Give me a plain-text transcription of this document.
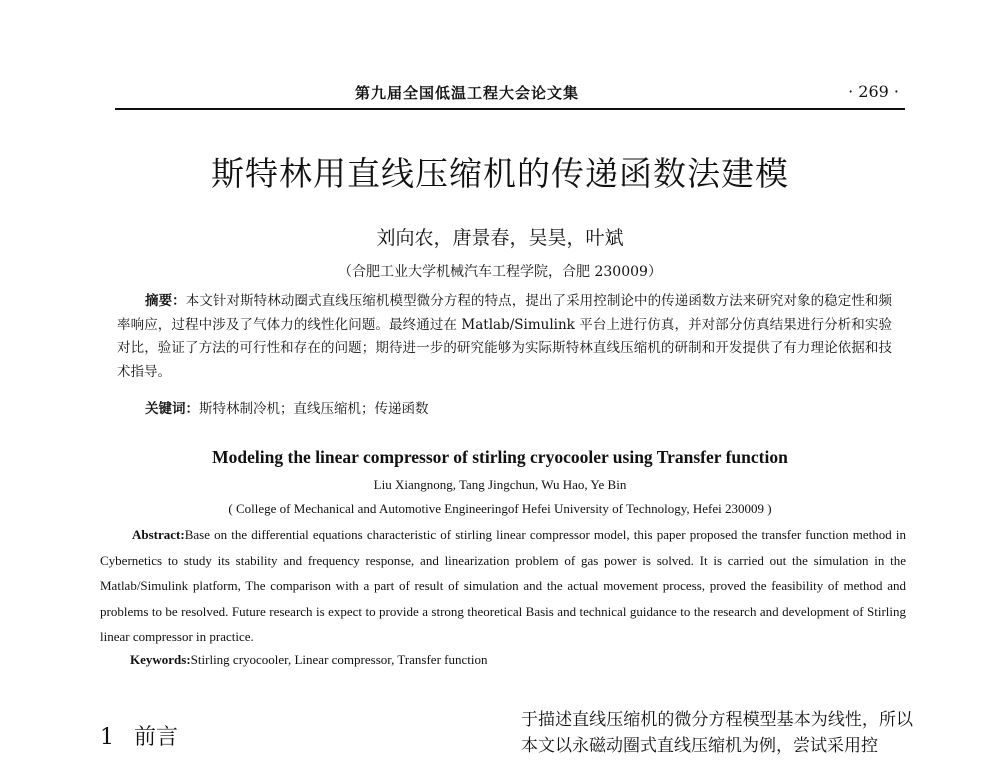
第九届全国低温工程大会论文集	· 269 ·
斯特林用直线压缩机的传递函数法建模
刘向农，唐景春，吴昊，叶斌
（合肥工业大学机械汽车工程学院，合肥 230009）
摘要：本文针对斯特林动圈式直线压缩机模型微分方程的特点，提出了采用控制论中的传递函数方法来研究对象的稳定性和频率响应，过程中涉及了气体力的线性化问题。最终通过在 Matlab/Simulink 平台上进行仿真，并对部分仿真结果进行分析和实验对比，验证了方法的可行性和存在的问题；期待进一步的研究能够为实际斯特林直线压缩机的研制和开发提供了有力理论依据和技术指导。
关键词：斯特林制冷机；直线压缩机；传递函数
Modeling the linear compressor of stirling cryocooler using Transfer function
Liu Xiangnong, Tang Jingchun, Wu Hao, Ye Bin
( College of Mechanical and Automotive Engineeringof Hefei University of Technology, Hefei 230009 )
Abstract:Base on the differential equations characteristic of stirling linear compressor model, this paper proposed the transfer function method in Cybernetics to study its stability and frequency response, and linearization problem of gas power is solved. It is carried out the simulation in the Matlab/Simulink platform, The comparison with a part of result of simulation and the actual movement process, proved the feasibility of method and problems to be resolved. Future research is expect to provide a strong theoretical Basis and technical guidance to the research and development of Stirling linear compressor in practice.
Keywords:Stirling cryocooler, Linear compressor, Transfer function
1 前言
于描述直线压缩机的微分方程模型基本为线性，所以本文以永磁动圈式直线压缩机为例，尝试采用控
